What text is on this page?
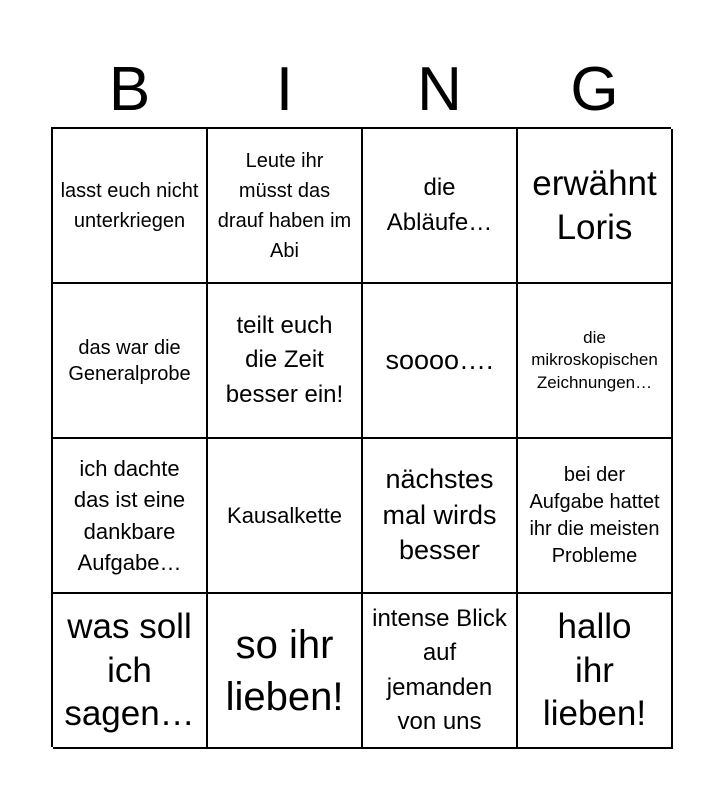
B	I	N	G
lasst euch nicht unterkriegen
Leute ihr müsst das drauf haben im Abi
die Abläufe…
erwähnt Loris
das war die Generalprobe
teilt euch die Zeit besser ein!
soooo….
die mikroskopischen Zeichnungen…
ich dachte das ist eine dankbare Aufgabe…
Kausalkette
nächstes mal wirds besser
bei der Aufgabe hattet ihr die meisten Probleme
was soll ich sagen…
so ihr lieben!
intense Blick auf jemanden von uns
hallo ihr lieben!
